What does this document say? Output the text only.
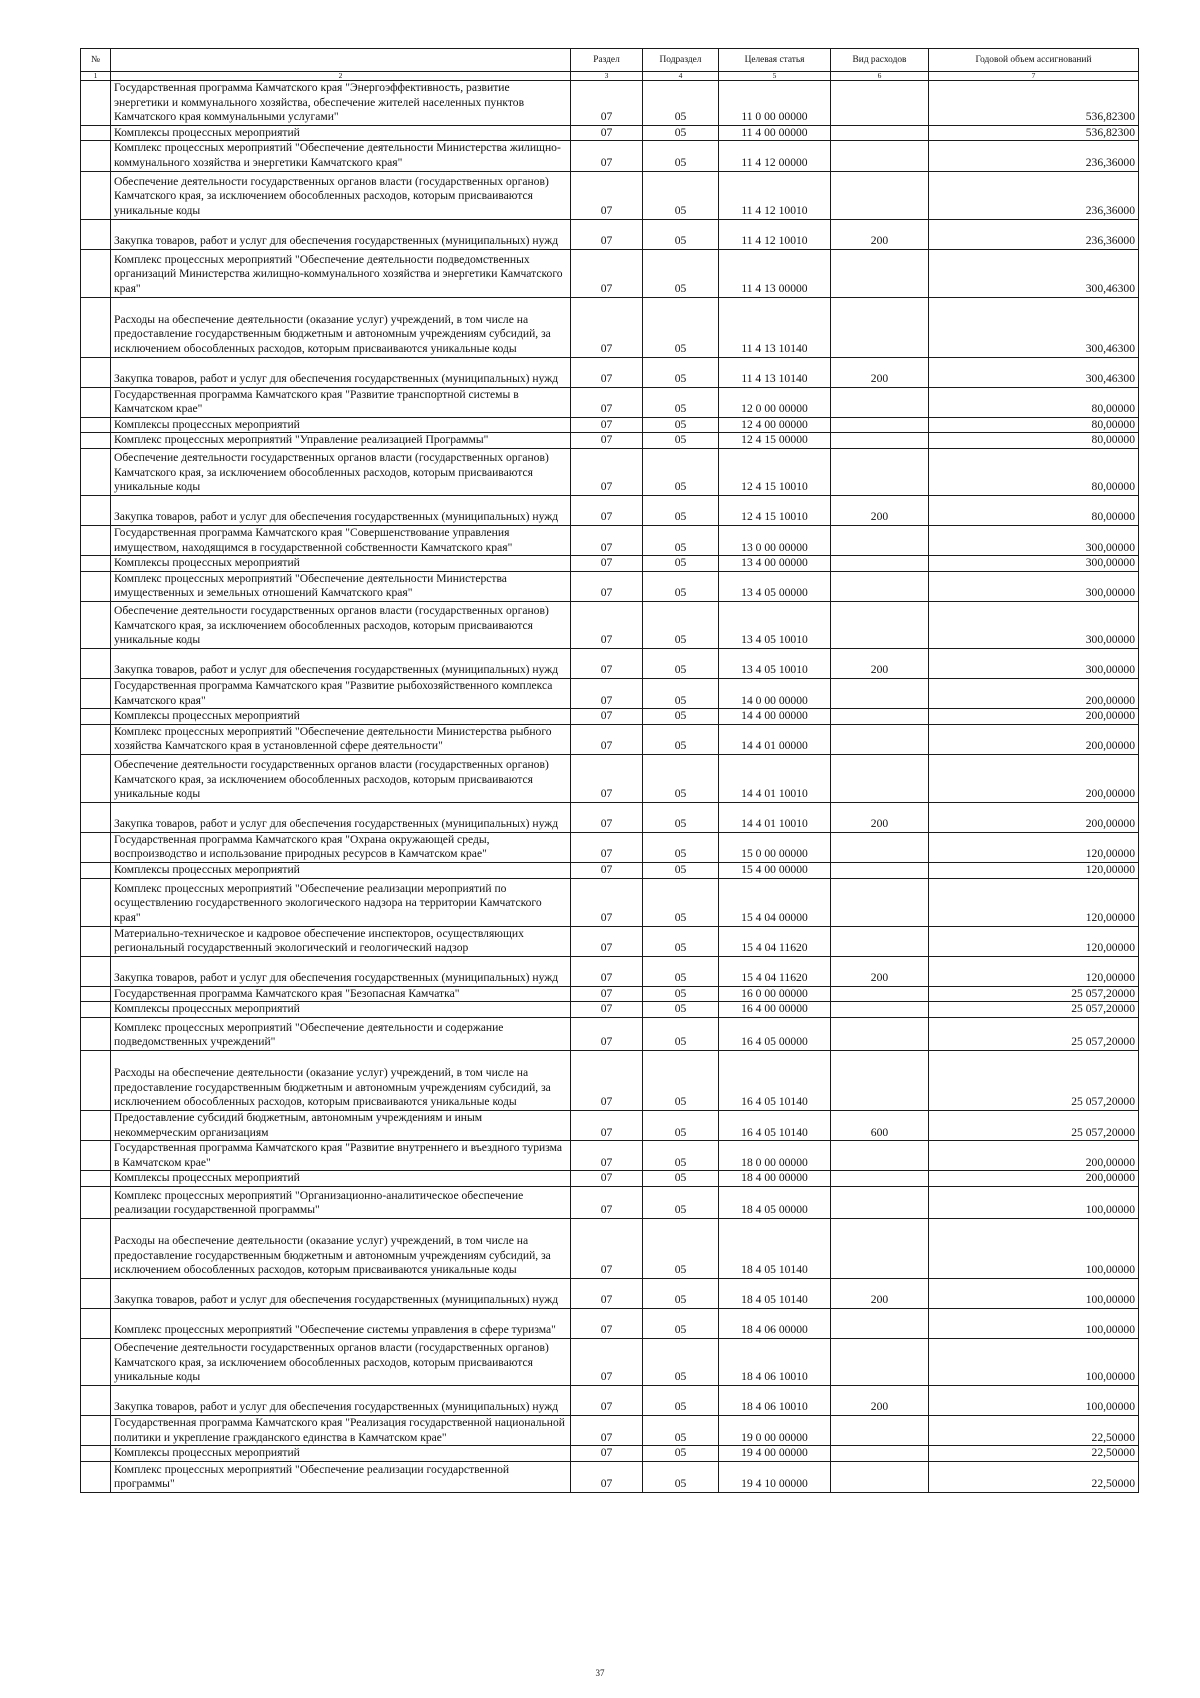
№		Раздел	Подраздел	Целевая статья	Вид расходов	Годовой объем ассигнований
1	2	3	4	5	6	7
	Государственная программа Камчатского края "Энергоэффективность, развитие энергетики и коммунального хозяйства, обеспечение жителей населенных пунктов Камчатского края коммунальными услугами"	07	05	11 0 00 00000		536,82300
	Комплексы процессных мероприятий	07	05	11 4 00 00000		536,82300
	Комплекс процессных мероприятий "Обеспечение деятельности Министерства жилищно-коммунального хозяйства и энергетики Камчатского края"	07	05	11 4 12 00000		236,36000
	Обеспечение деятельности государственных органов власти (государственных органов) Камчатского края, за исключением обособленных расходов, которым присваиваются уникальные коды	07	05	11 4 12 10010		236,36000
	Закупка товаров, работ и услуг для обеспечения государственных (муниципальных) нужд	07	05	11 4 12 10010	200	236,36000
	Комплекс процессных мероприятий "Обеспечение деятельности подведомственных организаций Министерства жилищно-коммунального хозяйства и энергетики Камчатского края"	07	05	11 4 13 00000		300,46300
	Расходы на обеспечение деятельности (оказание услуг) учреждений, в том числе на предоставление государственным бюджетным и автономным учреждениям субсидий, за исключением обособленных расходов, которым присваиваются уникальные коды	07	05	11 4 13 10140		300,46300
	Закупка товаров, работ и услуг для обеспечения государственных (муниципальных) нужд	07	05	11 4 13 10140	200	300,46300
	Государственная программа Камчатского края "Развитие транспортной системы в Камчатском крае"	07	05	12 0 00 00000		80,00000
	Комплексы процессных мероприятий	07	05	12 4 00 00000		80,00000
	Комплекс процессных мероприятий "Управление реализацией Программы"	07	05	12 4 15 00000		80,00000
	Обеспечение деятельности государственных органов власти (государственных органов) Камчатского края, за исключением обособленных расходов, которым присваиваются уникальные коды	07	05	12 4 15 10010		80,00000
	Закупка товаров, работ и услуг для обеспечения государственных (муниципальных) нужд	07	05	12 4 15 10010	200	80,00000
	Государственная программа Камчатского края "Совершенствование управления имуществом, находящимся в государственной собственности Камчатского края"	07	05	13 0 00 00000		300,00000
	Комплексы процессных мероприятий	07	05	13 4 00 00000		300,00000
	Комплекс процессных мероприятий "Обеспечение деятельности Министерства имущественных и земельных отношений Камчатского края"	07	05	13 4 05 00000		300,00000
	Обеспечение деятельности государственных органов власти (государственных органов) Камчатского края, за исключением обособленных расходов, которым присваиваются уникальные коды	07	05	13 4 05 10010		300,00000
	Закупка товаров, работ и услуг для обеспечения государственных (муниципальных) нужд	07	05	13 4 05 10010	200	300,00000
	Государственная программа Камчатского края "Развитие рыбохозяйственного комплекса Камчатского края"	07	05	14 0 00 00000		200,00000
	Комплексы процессных мероприятий	07	05	14 4 00 00000		200,00000
	Комплекс процессных мероприятий "Обеспечение деятельности Министерства рыбного хозяйства Камчатского края в установленной сфере деятельности"	07	05	14 4 01 00000		200,00000
	Обеспечение деятельности государственных органов власти (государственных органов) Камчатского края, за исключением обособленных расходов, которым присваиваются уникальные коды	07	05	14 4 01 10010		200,00000
	Закупка товаров, работ и услуг для обеспечения государственных (муниципальных) нужд	07	05	14 4 01 10010	200	200,00000
	Государственная программа Камчатского края "Охрана окружающей среды, воспроизводство и использование природных ресурсов в Камчатском крае"	07	05	15 0 00 00000		120,00000
	Комплексы процессных мероприятий	07	05	15 4 00 00000		120,00000
	Комплекс процессных мероприятий "Обеспечение реализации мероприятий по осуществлению государственного экологического надзора на территории Камчатского края"	07	05	15 4 04 00000		120,00000
	Материально-техническое и кадровое обеспечение инспекторов, осуществляющих региональный государственный экологический и геологический надзор	07	05	15 4 04 11620		120,00000
	Закупка товаров, работ и услуг для обеспечения государственных (муниципальных) нужд	07	05	15 4 04 11620	200	120,00000
	Государственная программа Камчатского края "Безопасная Камчатка"	07	05	16 0 00 00000		25 057,20000
	Комплексы процессных мероприятий	07	05	16 4 00 00000		25 057,20000
	Комплекс процессных мероприятий "Обеспечение деятельности и содержание подведомственных учреждений"	07	05	16 4 05 00000		25 057,20000
	Расходы на обеспечение деятельности (оказание услуг) учреждений, в том числе на предоставление государственным бюджетным и автономным учреждениям субсидий, за исключением обособленных расходов, которым присваиваются уникальные коды	07	05	16 4 05 10140		25 057,20000
	Предоставление субсидий бюджетным, автономным учреждениям и иным некоммерческим организациям	07	05	16 4 05 10140	600	25 057,20000
	Государственная программа Камчатского края "Развитие внутреннего и въездного туризма в Камчатском крае"	07	05	18 0 00 00000		200,00000
	Комплексы процессных мероприятий	07	05	18 4 00 00000		200,00000
	Комплекс процессных мероприятий "Организационно-аналитическое обеспечение реализации государственной программы"	07	05	18 4 05 00000		100,00000
	Расходы на обеспечение деятельности (оказание услуг) учреждений, в том числе на предоставление государственным бюджетным и автономным учреждениям субсидий, за исключением обособленных расходов, которым присваиваются уникальные коды	07	05	18 4 05 10140		100,00000
	Закупка товаров, работ и услуг для обеспечения государственных (муниципальных) нужд	07	05	18 4 05 10140	200	100,00000
	Комплекс процессных мероприятий "Обеспечение системы управления в сфере туризма"	07	05	18 4 06 00000		100,00000
	Обеспечение деятельности государственных органов власти (государственных органов) Камчатского края, за исключением обособленных расходов, которым присваиваются уникальные коды	07	05	18 4 06 10010		100,00000
	Закупка товаров, работ и услуг для обеспечения государственных (муниципальных) нужд	07	05	18 4 06 10010	200	100,00000
	Государственная программа Камчатского края "Реализация государственной национальной политики и укрепление гражданского единства в Камчатском крае"	07	05	19 0 00 00000		22,50000
	Комплексы процессных мероприятий	07	05	19 4 00 00000		22,50000
	Комплекс процессных мероприятий "Обеспечение реализации государственной программы"	07	05	19 4 10 00000		22,50000
37
